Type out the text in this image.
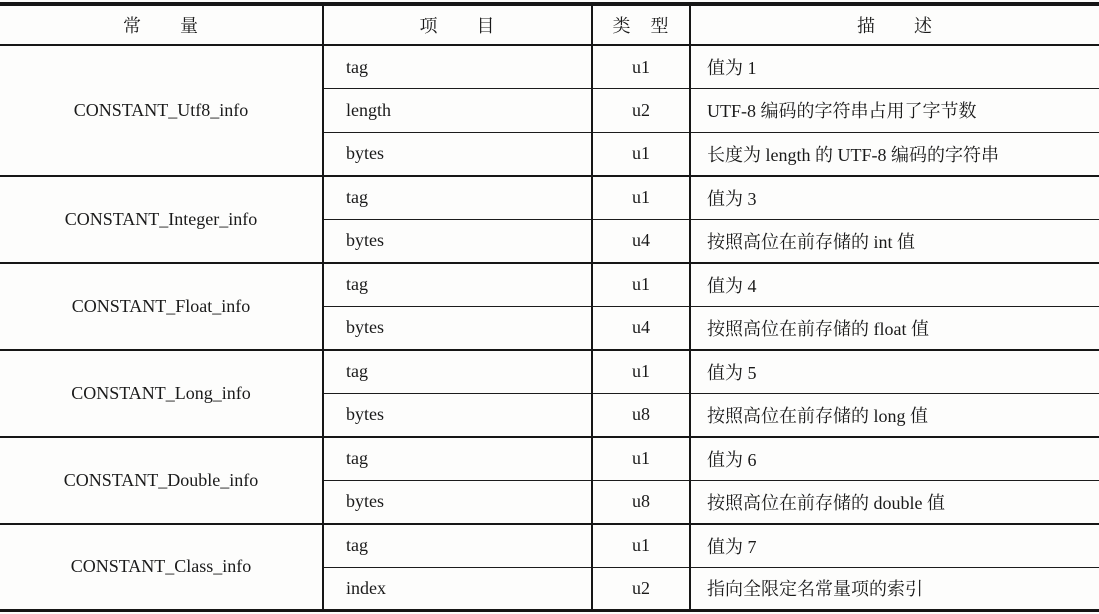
常　　量	项　　目	类　型	描　　述
CONSTANT_Utf8_info	tag	u1	值为 1
	length	u2	UTF-8 编码的字符串占用了字节数
	bytes	u1	长度为 length 的 UTF-8 编码的字符串
CONSTANT_Integer_info	tag	u1	值为 3
	bytes	u4	按照高位在前存储的 int 值
CONSTANT_Float_info	tag	u1	值为 4
	bytes	u4	按照高位在前存储的 float 值
CONSTANT_Long_info	tag	u1	值为 5
	bytes	u8	按照高位在前存储的 long 值
CONSTANT_Double_info	tag	u1	值为 6
	bytes	u8	按照高位在前存储的 double 值
CONSTANT_Class_info	tag	u1	值为 7
	index	u2	指向全限定名常量项的索引
